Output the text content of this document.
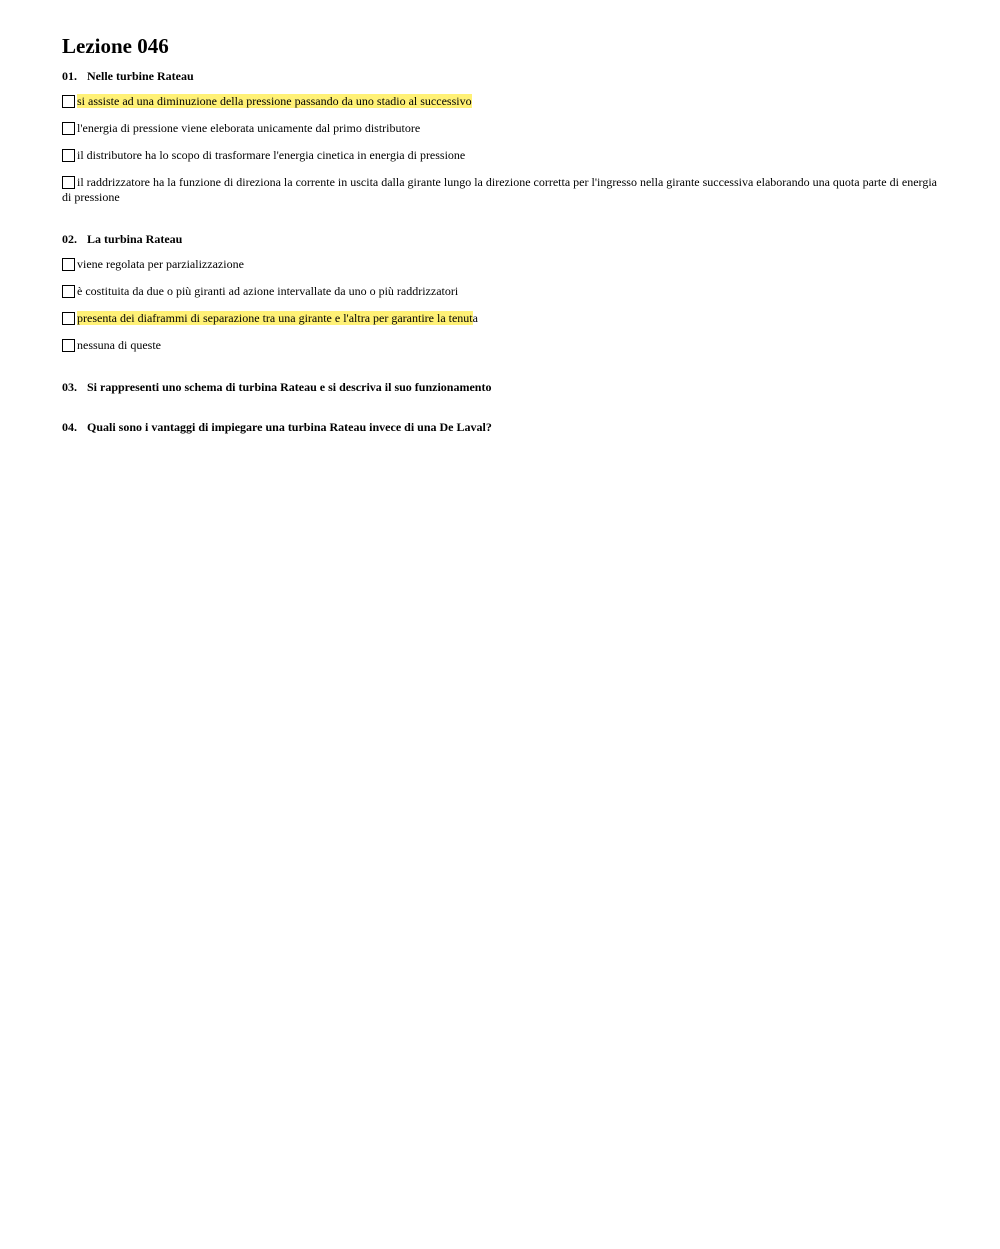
Lezione 046
01. Nelle turbine Rateau
si assiste ad una diminuzione della pressione passando da uno stadio al successivo
l'energia di pressione viene eleborata unicamente dal primo distributore
il distributore ha lo scopo di trasformare l'energia cinetica in energia di pressione
il raddrizzatore ha la funzione di direziona la corrente in uscita dalla girante lungo la direzione corretta per l'ingresso nella girante successiva elaborando una quota parte di energia di pressione
02. La turbina Rateau
viene regolata per parzializzazione
è costituita da due o più giranti ad azione intervallate da uno o più raddrizzatori
presenta dei diaframmi di separazione tra una girante e l'altra per garantire la tenuta
nessuna di queste
03. Si rappresenti uno schema di turbina Rateau e si descriva il suo funzionamento
04. Quali sono i vantaggi di impiegare una turbina Rateau invece di una De Laval?
